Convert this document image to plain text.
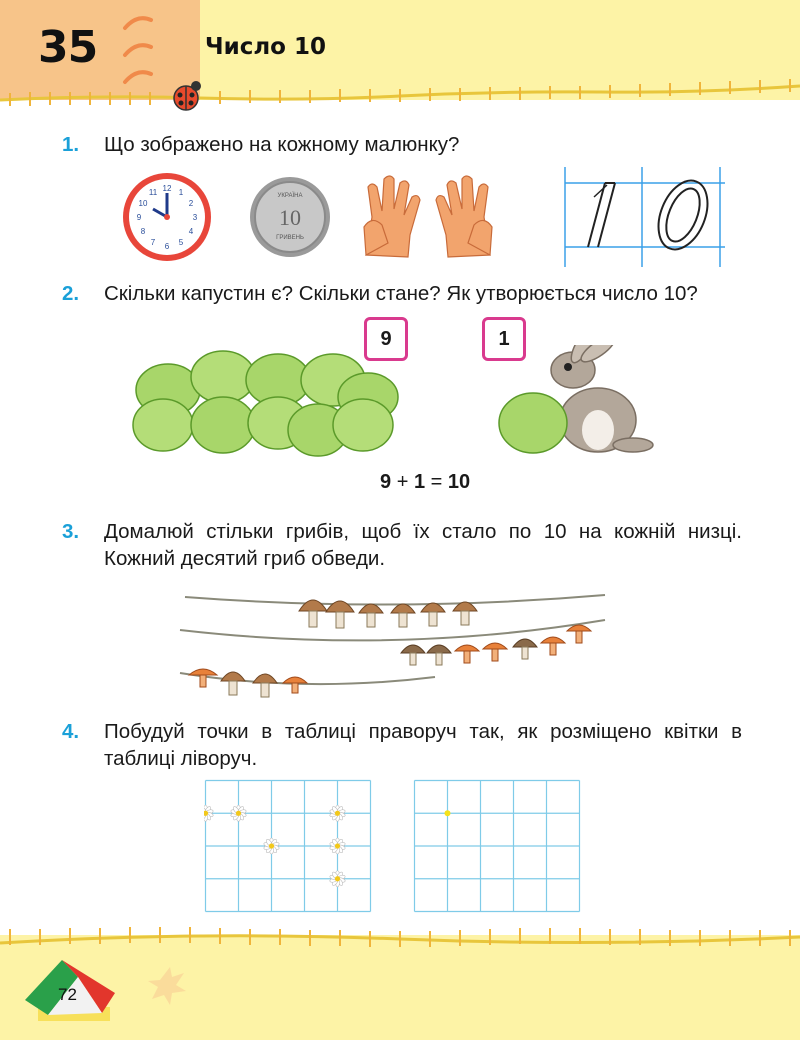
35	Число 10
1. Що зображено на кожному малюнку?
12 1
2
3
4
5
6
7
8
9
10
11	УКРАЇНА
10
ГРИВЕНЬ
2. Скільки капустин є? Скільки стане? Як утворюється число 10?
9	1
9 + 1 = 10
3. Домалюй стільки грибів, щоб їх стало по 10 на кожній низці. Кожний десятий гриб обведи.
4. Побудуй точки в таблиці праворуч так, як розміщено квітки в таблиці ліворуч.
72
